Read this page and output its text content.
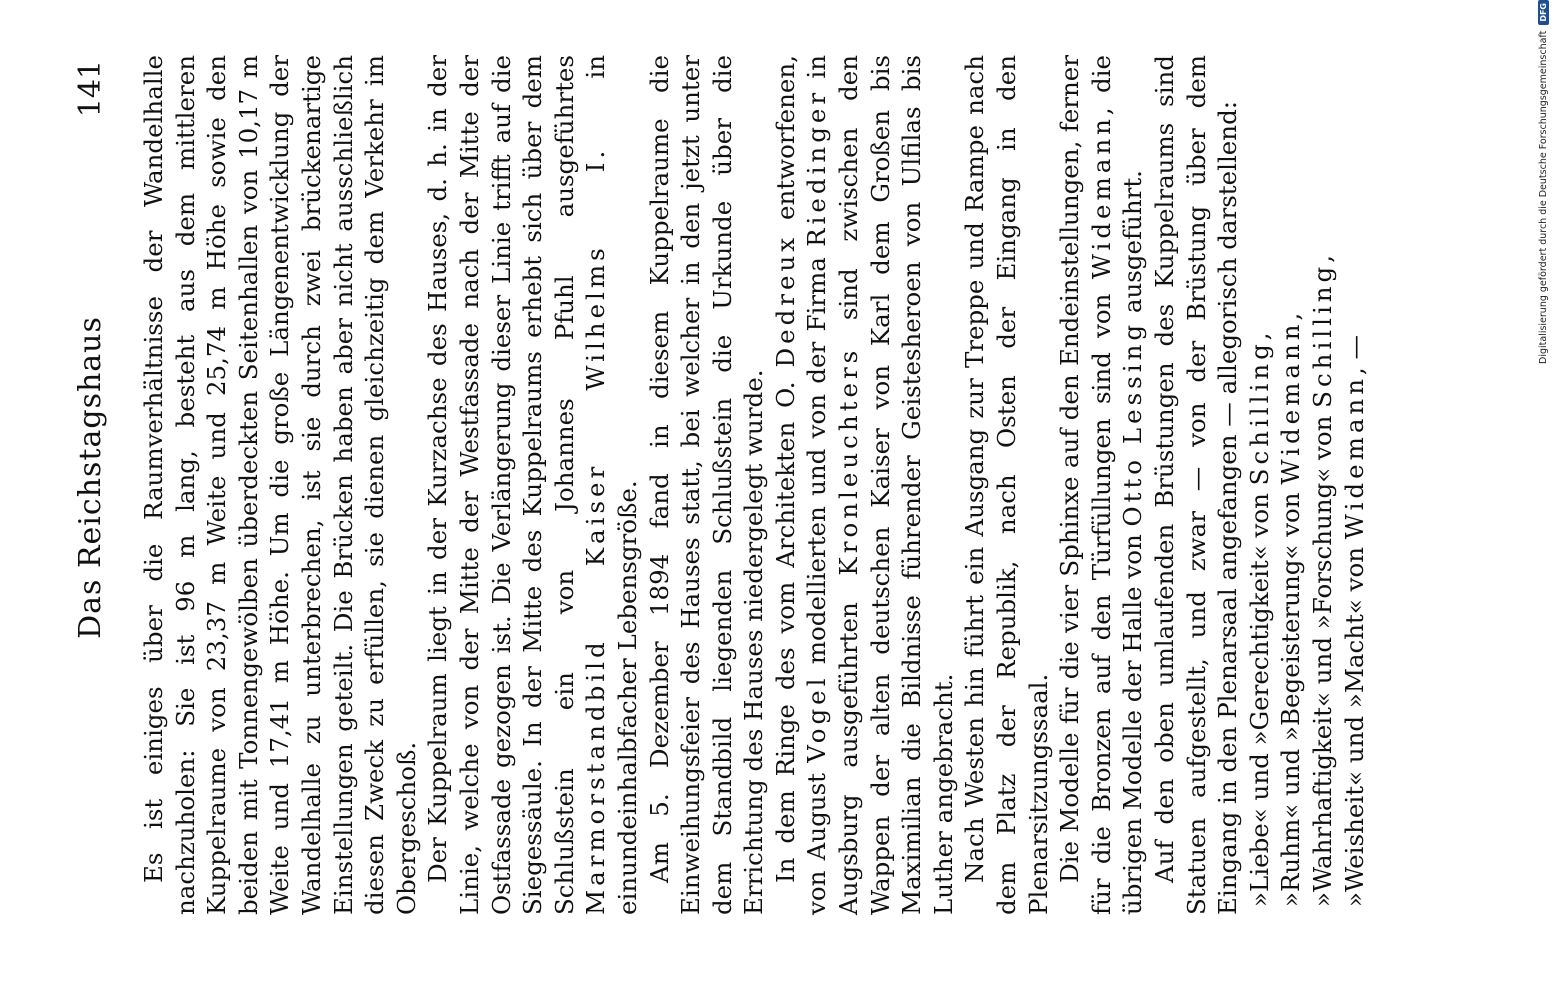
Das Reichstagshaus
141 Es ist einiges über die Raumverhältnisse der Wandelhalle nachzuholen: Sie ist 96 m lang, besteht aus dem mittleren Kuppelraume von 23,37 m Weite und 25,74 m Höhe sowie den beiden mit Tonnengewölben überdeckten Seitenhallen von 10,17 m Weite und 17,41 m Höhe. Um die große Längenentwicklung der Wandelhalle zu unterbrechen, ist sie durch zwei brückenartige Einstellungen geteilt. Die Brücken haben aber nicht ausschließlich diesen Zweck zu erfüllen, sie dienen gleichzeitig dem Verkehr im Obergeschoß. Der Kuppelraum liegt in der Kurzachse des Hauses, d. h. in der Linie, welche von der Mitte der Westfassade nach der Mitte der Ostfassade gezogen ist. Die Verlängerung dieser Linie trifft auf die Siegessäule. In der Mitte des Kuppelraums erhebt sich über dem Schlußstein ein von Johannes Pfuhl ausgeführtes Marmorstandbild Kaiser Wilhelms I. in einundeinhalbfacher Lebensgröße. Am 5. Dezember 1894 fand in diesem Kuppelraume die Einweihungsfeier des Hauses statt, bei welcher in den jetzt unter dem Standbild liegenden Schlußstein die Urkunde über die Errichtung des Hauses niedergelegt wurde. In dem Ringe des vom Architekten O. Dedreux entworfenen, von August Vogel modellierten und von der Firma Riedinger in Augsburg ausgeführten Kronleuchters sind zwischen den Wappen der alten deutschen Kaiser von Karl dem Großen bis Maximilian die Bildnisse führender Geistesheroen von Ulfilas bis Luther angebracht. Nach Westen hin führt ein Ausgang zur Treppe und Rampe nach dem Platz der Republik, nach Osten der Eingang in den Plenarsitzungssaal. Die Modelle für die vier Sphinxe auf den Endeinstellungen, ferner für die Bronzen auf den Türfüllungen sind von Widemann, die übrigen Modelle der Halle von Otto Lessing ausgeführt. Auf den oben umlaufenden Brüstungen des Kuppelraums sind Statuen aufgestellt, und zwar — von der Brüstung über dem Eingang in den Plenarsaal angefangen — allegorisch darstellend: »Liebe« und »Gerechtigkeit« von Schilling,

»Ruhm« und »Begeisterung« von Widemann,

»Wahrhaftigkeit« und »Forschung« von Schilling,

»Weisheit« und »Macht« von Widemann, —	Digitalisierung gefördert durch die Deutsche Forschungsgemeinschaft
DFG
